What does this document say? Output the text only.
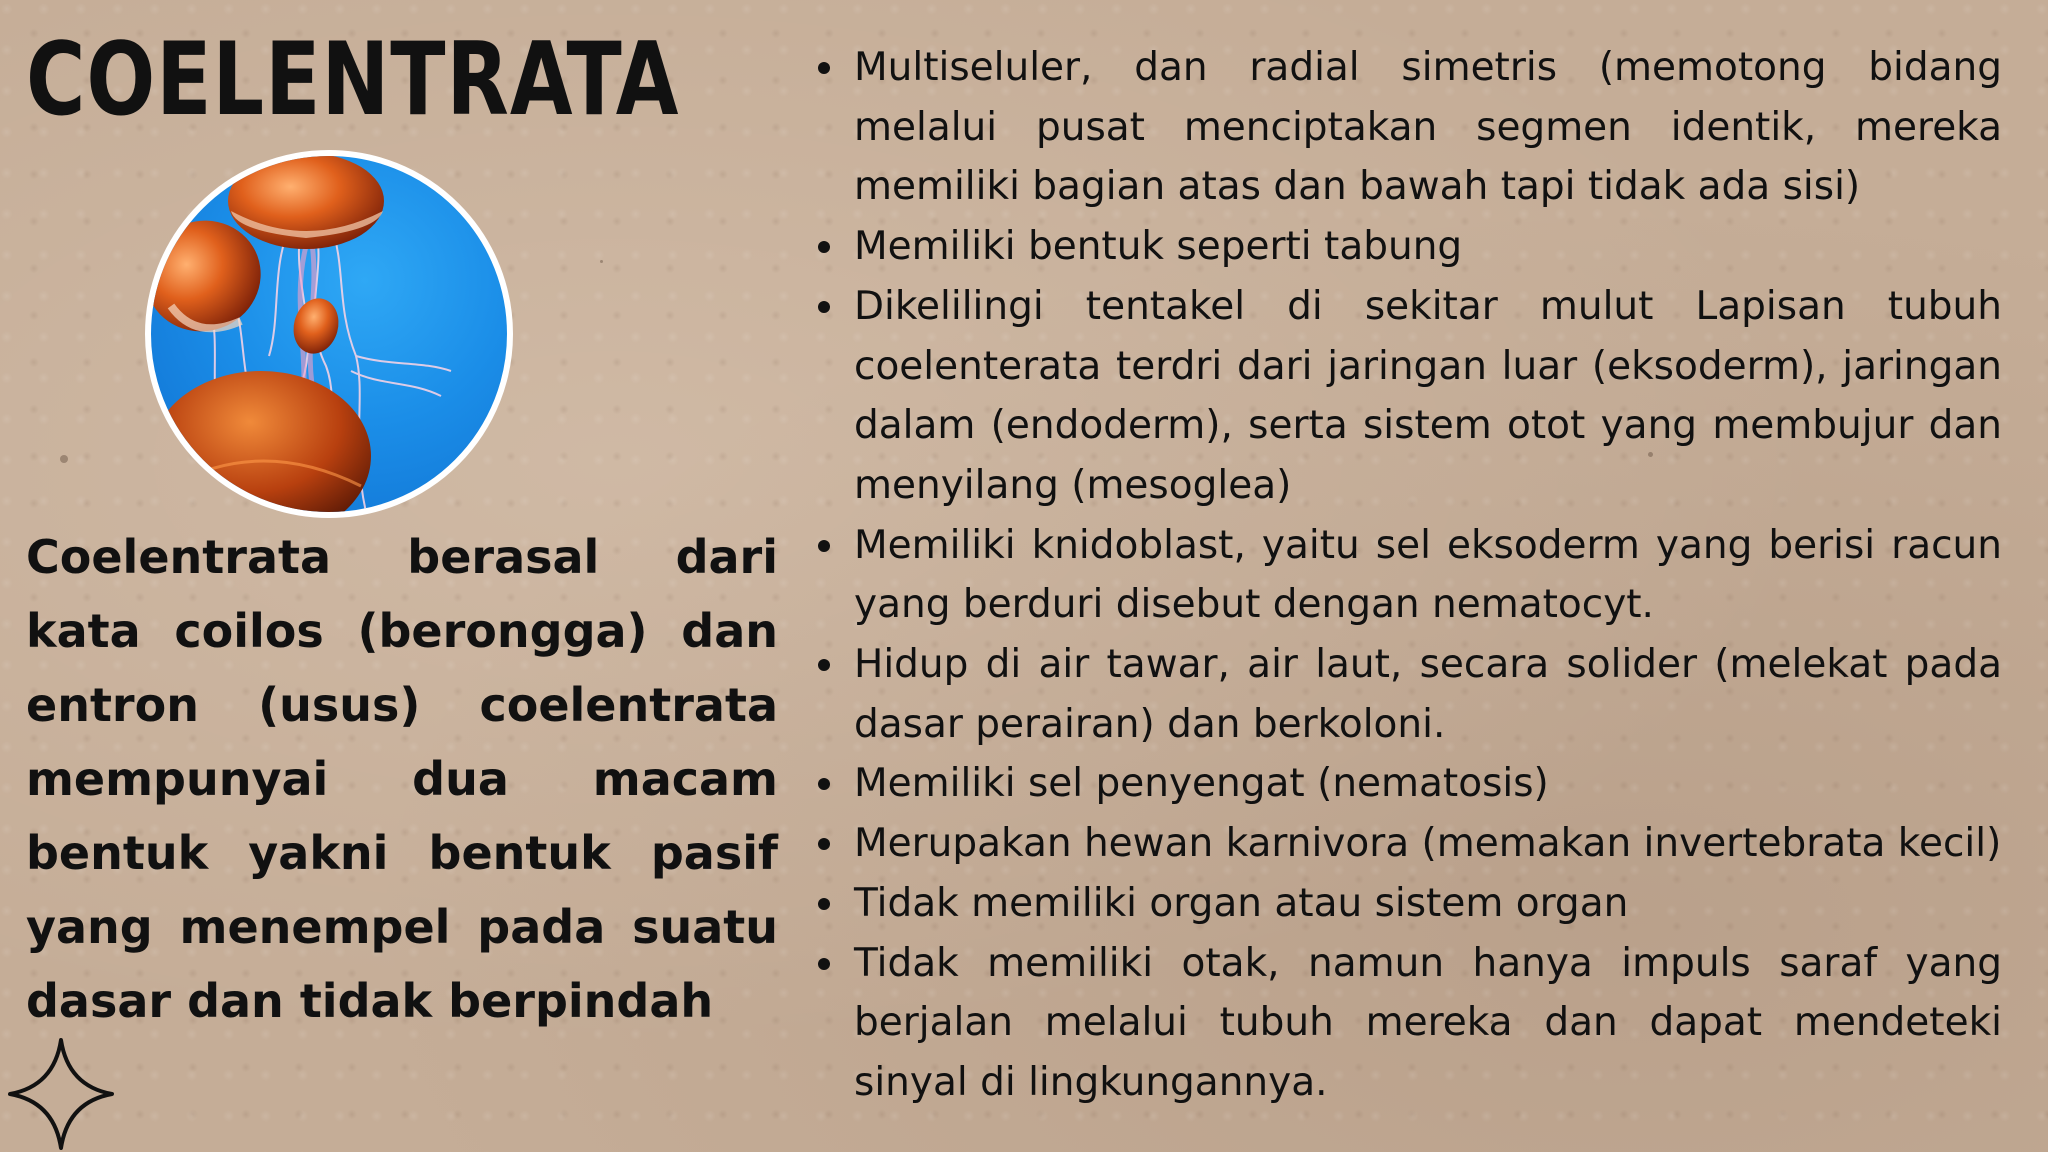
COELENTRATA

Coelentrata berasal dari kata coilos (berongga) dan entron (usus) coelentrata mempunyai dua macam bentuk yakni bentuk pasif yang menempel pada suatu dasar dan tidak berpindah

Multiseluler, dan radial simetris (memotong bidang melalui pusat menciptakan segmen identik, mereka memiliki bagian atas dan bawah tapi tidak ada sisi)
Memiliki bentuk seperti tabung
Dikelilingi tentakel di sekitar mulut Lapisan tubuh coelenterata terdri dari jaringan luar (eksoderm), jaringan dalam (endoderm), serta sistem otot yang membujur dan menyilang (mesoglea)
Memiliki knidoblast, yaitu sel eksoderm yang berisi racun yang berduri disebut dengan nematocyt.
Hidup di air tawar, air laut, secara solider (melekat pada dasar perairan) dan berkoloni.
Memiliki sel penyengat (nematosis)
Merupakan hewan karnivora (memakan invertebrata kecil)
Tidak memiliki organ atau sistem organ
Tidak memiliki otak, namun hanya impuls saraf yang berjalan melalui tubuh mereka dan dapat mendeteki sinyal di lingkungannya.
